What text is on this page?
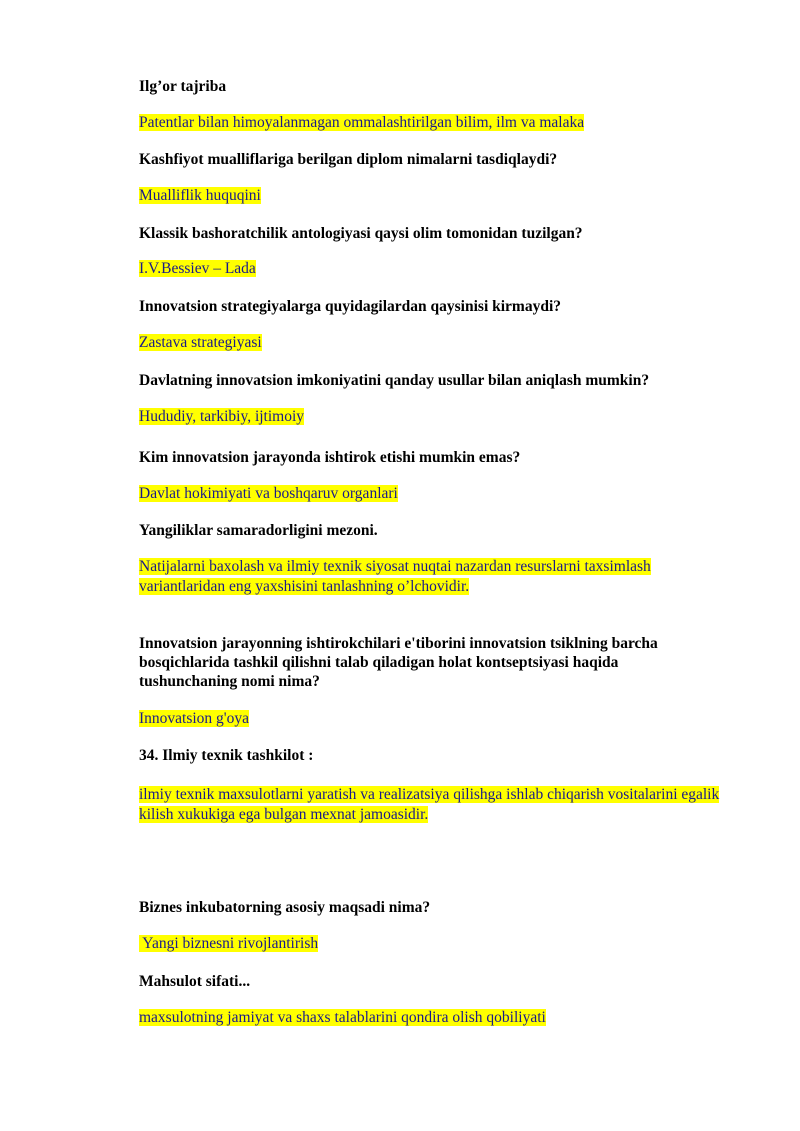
Ilg’or tajriba

Patentlar bilan himoyalanmagan ommalashtirilgan bilim, ilm va malaka

Kashfiyot mualliflariga berilgan diplom nimalarni tasdiqlaydi?

Mualliflik huquqini

Klassik bashoratchilik antologiyasi qaysi olim tomonidan tuzilgan?

I.V.Bessiev – Lada

Innovatsion strategiyalarga quyidagilardan qaysinisi kirmaydi?

Zastava strategiyasi

Davlatning innovatsion imkoniyatini qanday usullar bilan aniqlash mumkin?

Hududiy, tarkibiy, ijtimoiy

Kim innovatsion jarayonda ishtirok etishi mumkin emas?

Davlat hokimiyati va boshqaruv organlari

Yangiliklar samaradorligini mezoni.

Natijalarni baxolash va ilmiy texnik siyosat nuqtai nazardan resurslarni taxsimlash

variantlaridan eng yaxshisini tanlashning o’lchovidir.

Innovatsion jarayonning ishtirokchilari e'tiborini innovatsion tsiklning barcha

bosqichlarida tashkil qilishni talab qiladigan holat kontseptsiyasi haqida

tushunchaning nomi nima?

Innovatsion g'oya

34. Ilmiy texnik tashkilot :

ilmiy texnik maxsulotlarni yaratish va realizatsiya qilishga ishlab chiqarish vositalarini egalik

kilish xukukiga ega bulgan mexnat jamoasidir.

Biznes inkubatorning asosiy maqsadi nima?

Yangi biznesni rivojlantirish

Mahsulot sifati...

maxsulotning jamiyat va shaxs talablarini qondira olish qobiliyati
